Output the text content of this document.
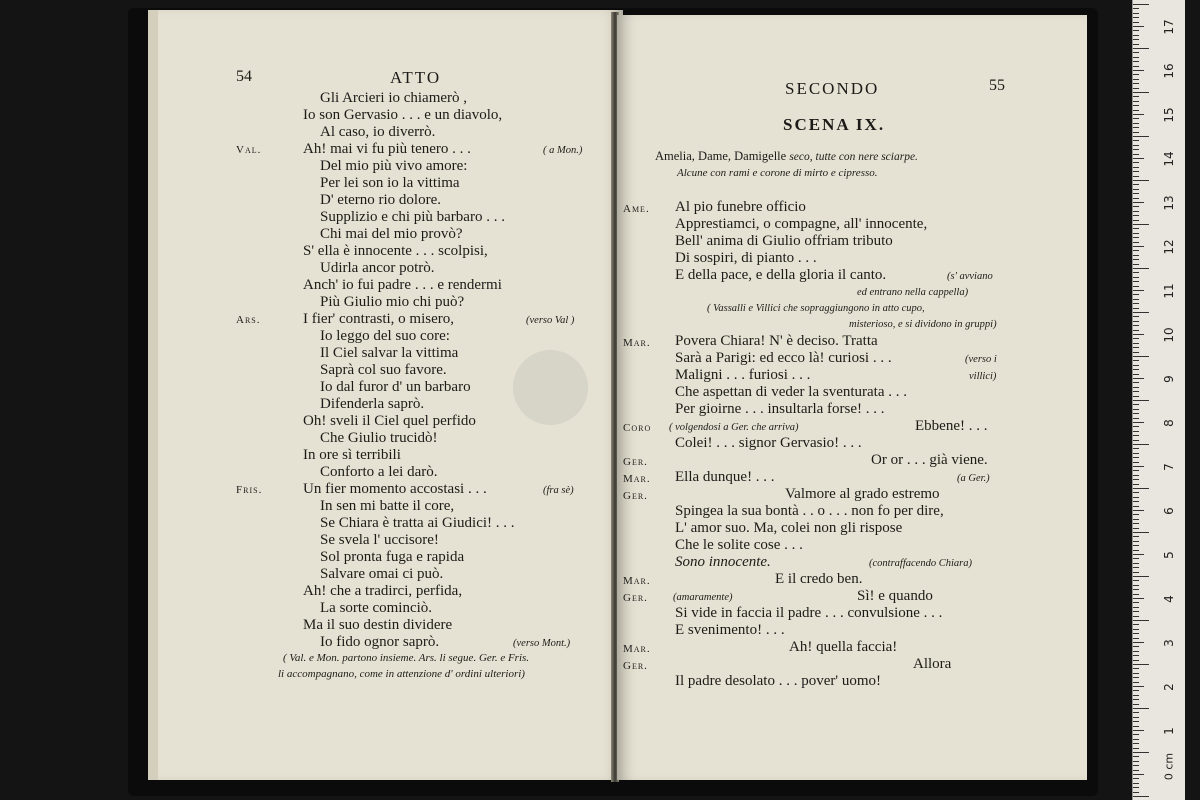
54	ATTO
Gli Arcieri io chiamerò ,
Io son Gervasio . . . e un diavolo,
Al caso, io diverrò.
Val.	Ah! mai vi fu più tenero . . .	( a Mon.)
Del mio più vivo amore:
Per lei son io la vittima
D' eterno rio dolore.
Supplizio e chi più barbaro . . .
Chi mai del mio provò?
S' ella è innocente . . . scolpisi,
Udirla ancor potrò.
Anch' io fui padre . . . e rendermi
Più Giulio mio chi può?
Ars.	I fier' contrasti, o misero,	(verso Val )
Io leggo del suo core:
Il Ciel salvar la vittima
Saprà col suo favore.
Io dal furor d' un barbaro
Difenderla saprò.
Oh! sveli il Ciel quel perfido
Che Giulio trucidò!
In ore sì terribili
Conforto a lei darò.
Fris.	Un fier momento accostasi . . .	(fra sè)
In sen mi batte il core,
Se Chiara è tratta ai Giudici! . . .
Se svela l' uccisore!
Sol pronta fuga e rapida
Salvare omai ci può.
Ah! che a tradirci, perfida,
La sorte cominciò.
Ma il suo destin dividere
Io fido ognor saprò.	(verso Mont.)
( Val. e Mon. partono insieme. Ars. li segue. Ger. e Fris.
li accompagnano, come in attenzione d' ordini ulteriori)
SECONDO	55
SCENA IX.
Amelia, Dame, Damigelle seco, tutte con nere sciarpe.
Alcune con rami e corone di mirto e cipresso.
Ame. Al pio funebre officio
Apprestiamci, o compagne, all' innocente,
Bell' anima di Giulio offriam tributo
Di sospiri, di pianto . . .
E della pace, e della gloria il canto.	(s' avviano
ed entrano nella cappella)
( Vassalli e Villici che sopraggiungono in atto cupo,
misterioso, e si dividono in gruppi)
Mar. Povera Chiara! N' è deciso. Tratta
Sarà a Parigi: ed ecco là! curiosi . . .	(verso i
Maligni . . . furiosi . . .	villici)
Che aspettan di veder la sventurata . . .
Per gioirne . . . insultarla forse! . . .
Coro ( volgendosi a Ger. che arriva)	Ebbene! . . .
Colei! . . . signor Gervasio! . . .
Ger.	Or or . . . già viene.
Mar. Ella dunque! . . .	(a Ger.)
Ger.	Valmore al grado estremo
Spingea la sua bontà . . o . . . non fo per dire,
L' amor suo. Ma, colei non gli rispose
Che le solite cose . . .
Sono innocente.	(contraffacendo Chiara)
Mar.	E il credo ben.
Ger. (amaramente)	Sì! e quando
Si vide in faccia il padre . . . convulsione . . .
E svenimento! . . .
Mar.	Ah! quella faccia!
Ger.	Allora
Il padre desolato . . . pover' uomo!
17
16
15
14
13
12
11
10
9
8
7
6
5
4
3
2
1
0 cm
